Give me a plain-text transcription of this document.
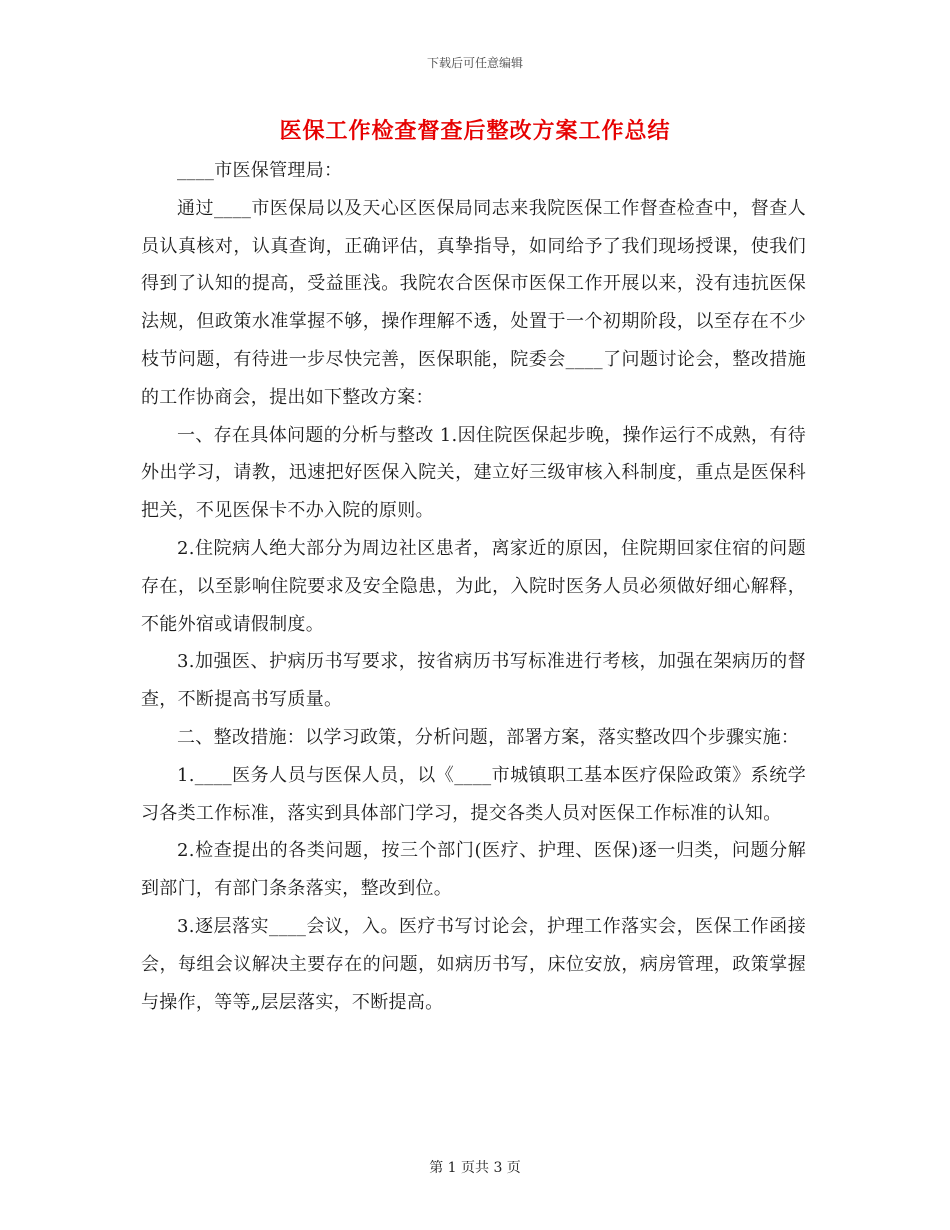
下载后可任意编辑
医保工作检查督查后整改方案工作总结

____市医保管理局：

通过____市医保局以及天心区医保局同志来我院医保工作督查检查中，督查人员认真核对，认真查询，正确评估，真挚指导，如同给予了我们现场授课，使我们得到了认知的提高，受益匪浅。我院农合医保市医保工作开展以来，没有违抗医保法规，但政策水准掌握不够，操作理解不透，处置于一个初期阶段，以至存在不少枝节问题，有待进一步尽快完善，医保职能，院委会____了问题讨论会，整改措施的工作协商会，提出如下整改方案：

一、存在具体问题的分析与整改 1.因住院医保起步晚，操作运行不成熟，有待外出学习，请教，迅速把好医保入院关，建立好三级审核入科制度，重点是医保科把关，不见医保卡不办入院的原则。

2.住院病人绝大部分为周边社区患者，离家近的原因，住院期回家住宿的问题存在，以至影响住院要求及安全隐患，为此，入院时医务人员必须做好细心解释，不能外宿或请假制度。

3.加强医、护病历书写要求，按省病历书写标准进行考核，加强在架病历的督查，不断提高书写质量。

二、整改措施：以学习政策，分析问题，部署方案，落实整改四个步骤实施：

1.____医务人员与医保人员，以《____市城镇职工基本医疗保险政策》系统学习各类工作标准，落实到具体部门学习，提交各类人员对医保工作标准的认知。

2.检查提出的各类问题，按三个部门(医疗、护理、医保)逐一归类，问题分解到部门，有部门条条落实，整改到位。

3.逐层落实____会议，入。医疗书写讨论会，护理工作落实会，医保工作函接会，每组会议解决主要存在的问题，如病历书写，床位安放，病房管理，政策掌握与操作，等等„层层落实，不断提高。

第 1 页共 3 页
